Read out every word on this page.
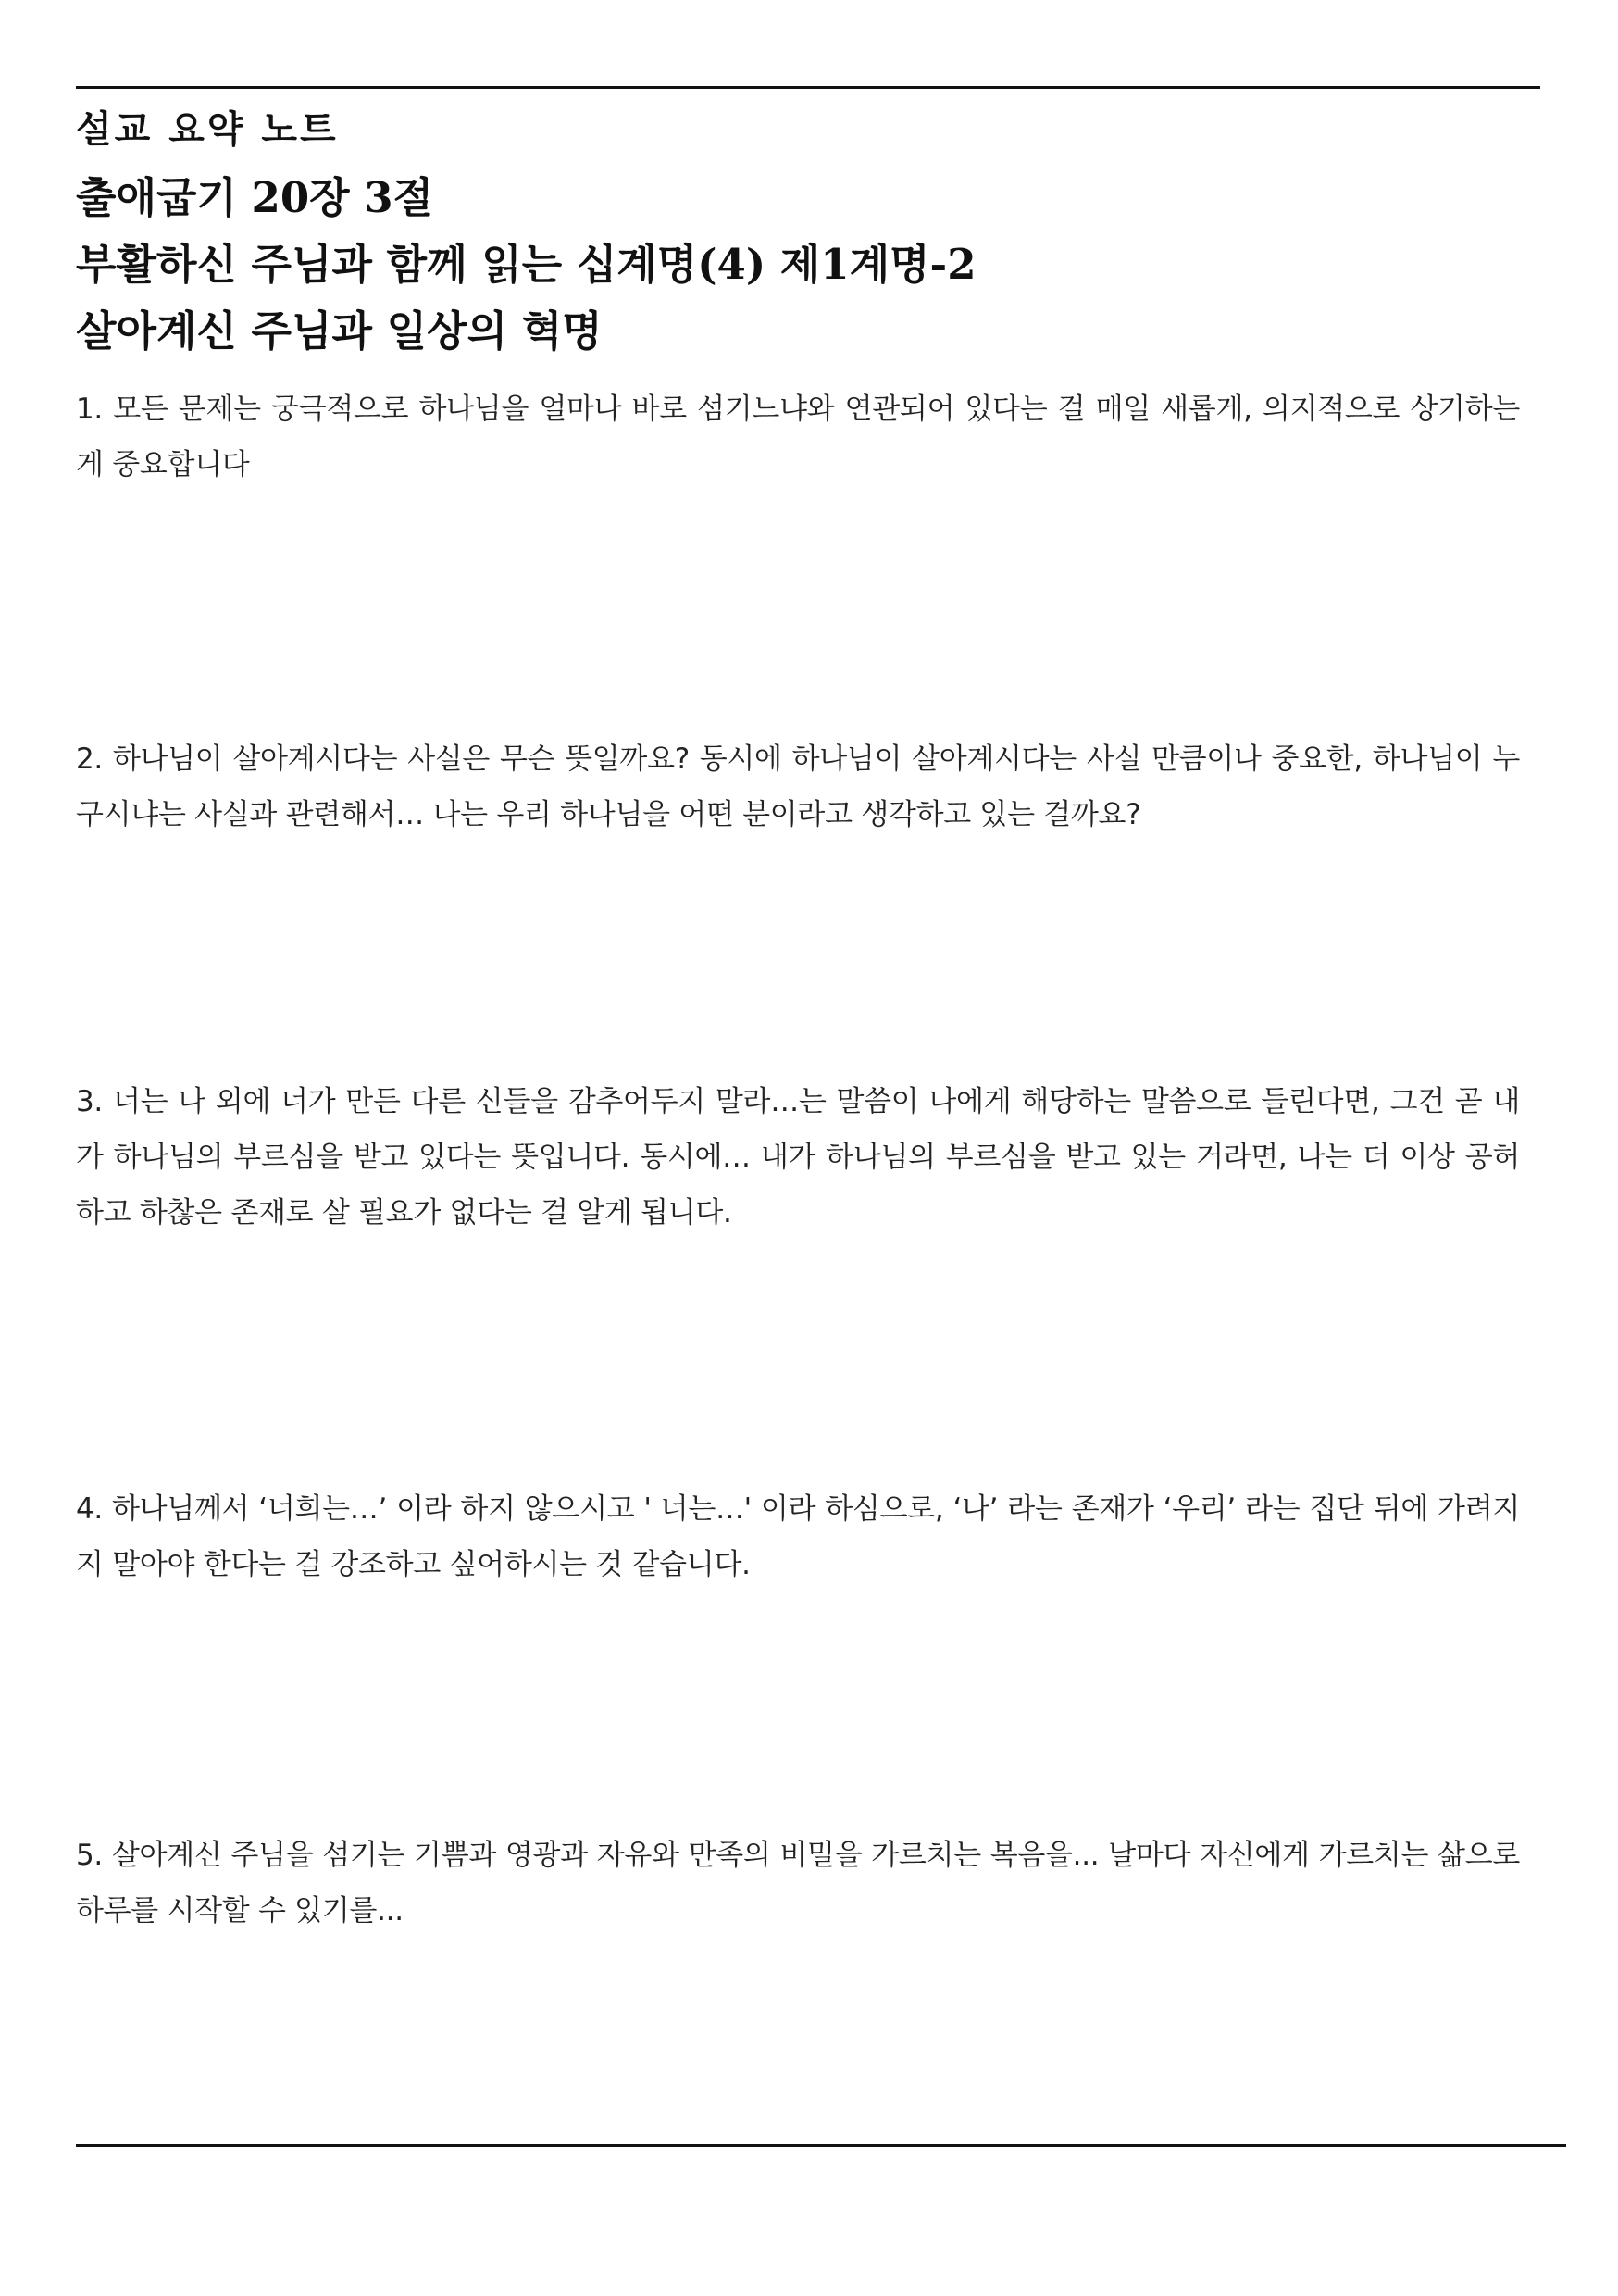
설교 요약 노트

출애굽기 20장 3절
부활하신 주님과 함께 읽는 십계명(4) 제1계명-2
살아계신 주님과 일상의 혁명

1. 모든 문제는 궁극적으로 하나님을 얼마나 바로 섬기느냐와 연관되어 있다는 걸 매일 새롭게, 의지적으로 상기하는 게 중요합니다

2. 하나님이 살아계시다는 사실은 무슨 뜻일까요? 동시에 하나님이 살아계시다는 사실 만큼이나 중요한, 하나님이 누구시냐는 사실과 관련해서… 나는 우리 하나님을 어떤 분이라고 생각하고 있는 걸까요?

3. 너는 나 외에 너가 만든 다른 신들을 감추어두지 말라…는 말씀이 나에게 해당하는 말씀으로 들린다면, 그건 곧 내가 하나님의 부르심을 받고 있다는 뜻입니다. 동시에… 내가 하나님의 부르심을 받고 있는 거라면, 나는 더 이상 공허하고 하찮은 존재로 살 필요가 없다는 걸 알게 됩니다.

4. 하나님께서 ‘너희는…’ 이라 하지 않으시고 ' 너는…' 이라 하심으로, ‘나’ 라는 존재가 ‘우리’ 라는 집단 뒤에 가려지지 말아야 한다는 걸 강조하고 싶어하시는 것 같습니다.

5. 살아계신 주님을 섬기는 기쁨과 영광과 자유와 만족의 비밀을 가르치는 복음을... 날마다 자신에게 가르치는 삶으로 하루를 시작할 수 있기를...
